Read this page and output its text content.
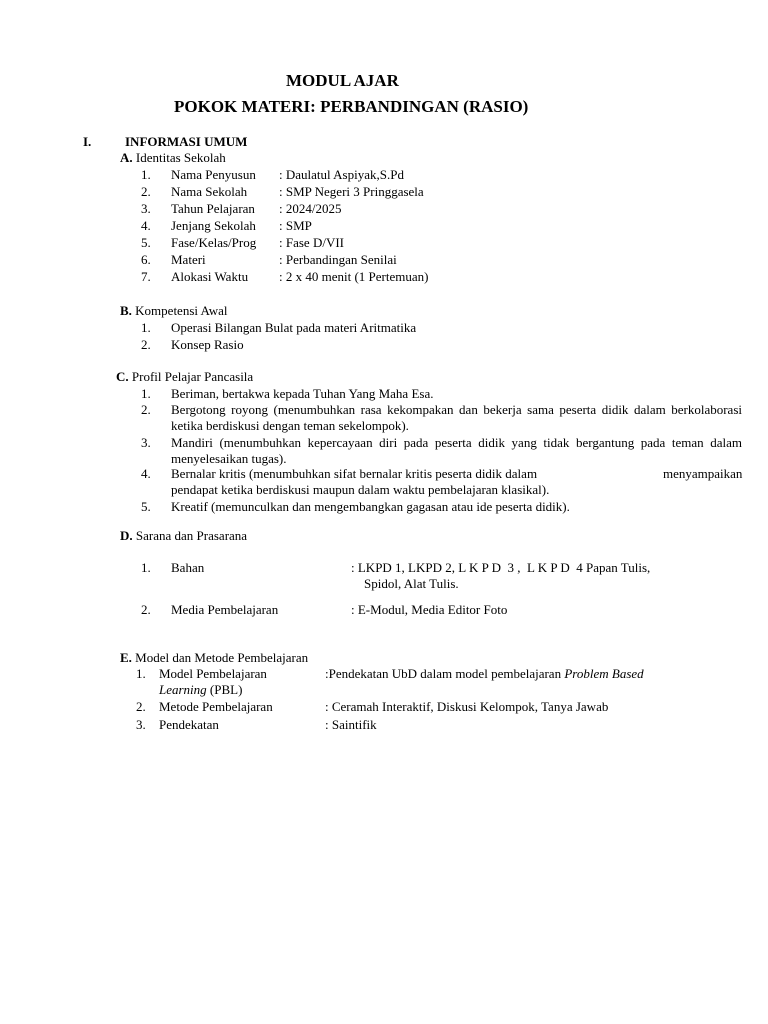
MODUL AJAR
POKOK MATERI: PERBANDINGAN (RASIO)
I.	INFORMASI UMUM
A. Identitas Sekolah
1. Nama Penyusun : Daulatul Aspiyak,S.Pd
2. Nama Sekolah : SMP Negeri 3 Pringgasela
3. Tahun Pelajaran : 2024/2025
4. Jenjang Sekolah : SMP
5. Fase/Kelas/Prog : Fase D/VII
6. Materi	: Perbandingan Senilai
7. Alokasi Waktu : 2 x 40 menit (1 Pertemuan)
B. Kompetensi Awal
1. Operasi Bilangan Bulat pada materi Aritmatika
2. Konsep Rasio
C. Profil Pelajar Pancasila
1. Beriman, bertakwa kepada Tuhan Yang Maha Esa.
2. Bergotong royong (menumbuhkan rasa kekompakan dan bekerja sama peserta didik dalam berkolaborasi ketika berdiskusi dengan teman sekelompok).
3. Mandiri (menumbuhkan kepercayaan diri pada peserta didik yang tidak bergantung pada teman dalam menyelesaikan tugas).
4. Bernalar kritis (menumbuhkan sifat bernalar kritis peserta didik dalam	menyampaikan
pendapat ketika berdiskusi maupun dalam waktu pembelajaran klasikal).
5. Kreatif (memunculkan dan mengembangkan gagasan atau ide peserta didik).
D. Sarana dan Prasarana
1. Bahan	: LKPD 1, LKPD 2, L K P D  3 ,  L K P D  4 Papan Tulis,
Spidol, Alat Tulis.
2. Media Pembelajaran	: E-Modul, Media Editor Foto
E. Model dan Metode Pembelajaran
1. Model Pembelajaran	:Pendekatan UbD dalam model pembelajaran Problem Based
Learning (PBL)
2. Metode Pembelajaran	: Ceramah Interaktif, Diskusi Kelompok, Tanya Jawab
3. Pendekatan	: Saintifik
